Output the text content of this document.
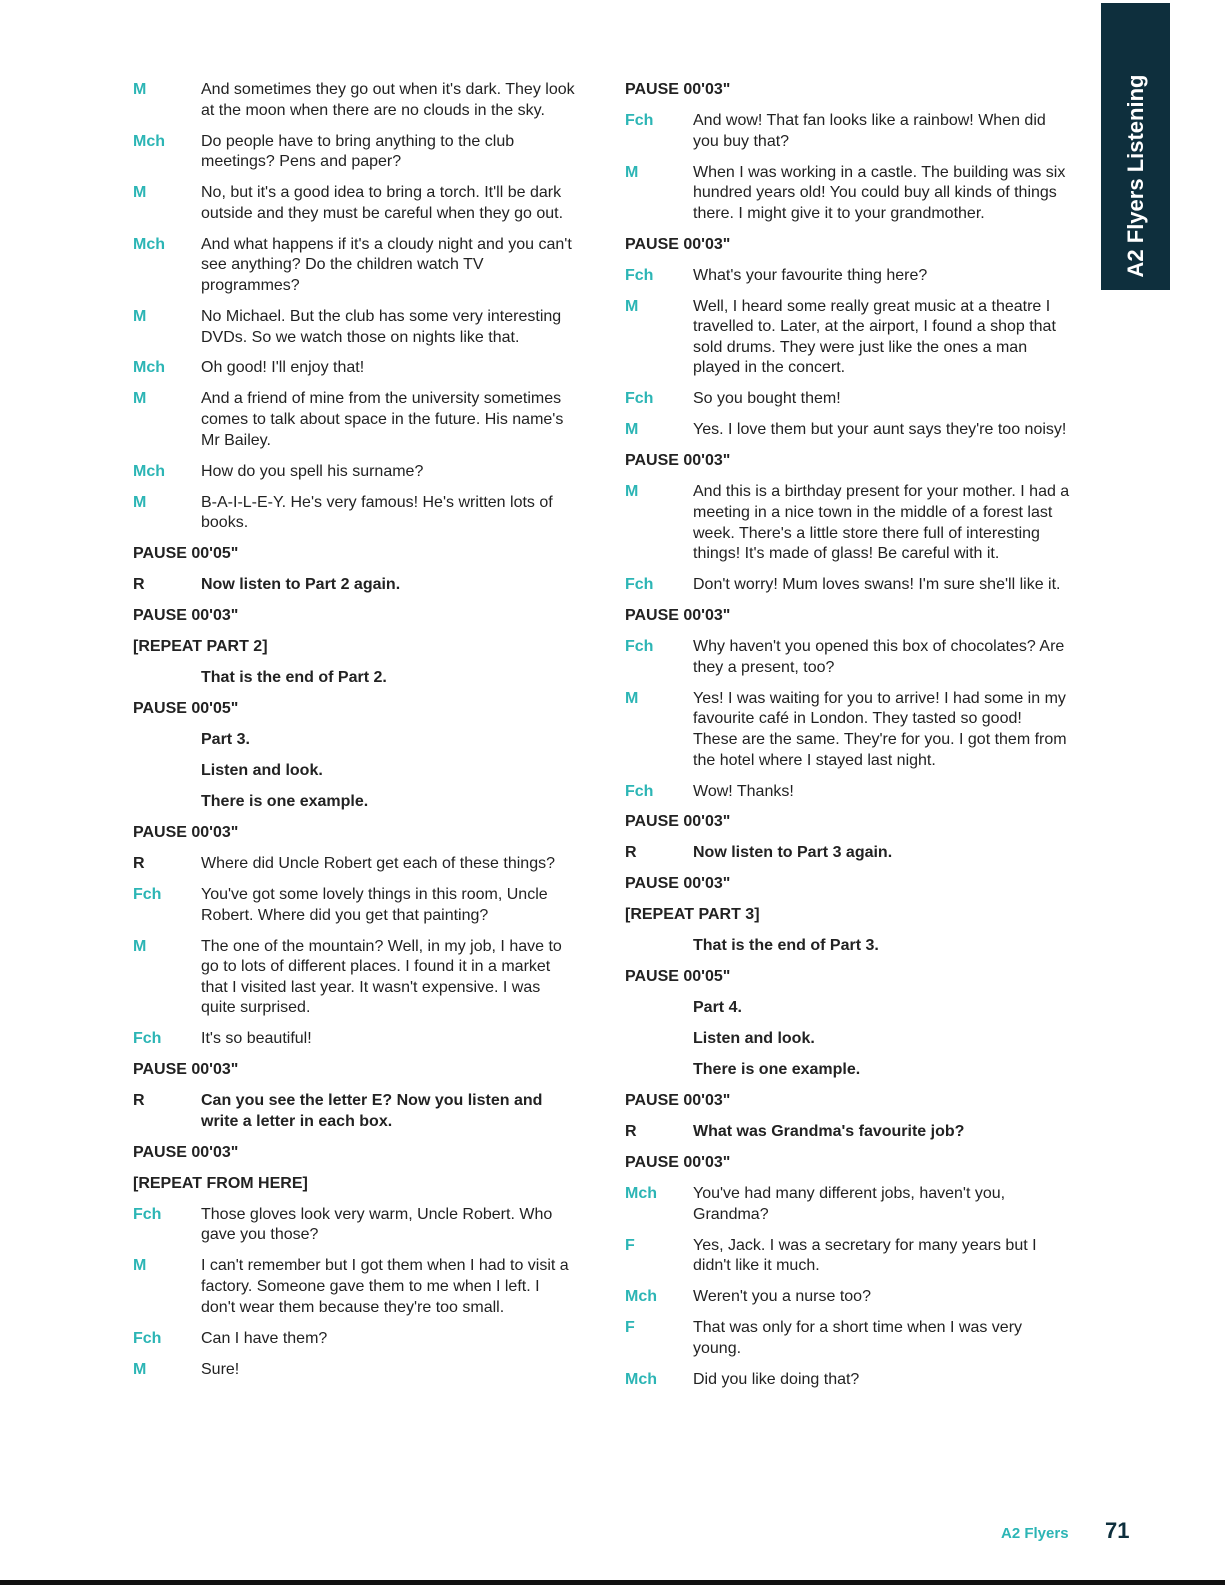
A2 Flyers Listening
M	And sometimes they go out when it's dark. They look at the moon when there are no clouds in the sky.
Mch	Do people have to bring anything to the club meetings? Pens and paper?
M	No, but it's a good idea to bring a torch. It'll be dark outside and they must be careful when they go out.
Mch	And what happens if it's a cloudy night and you can't see anything? Do the children watch TV programmes?
M	No Michael. But the club has some very interesting DVDs. So we watch those on nights like that.
Mch	Oh good! I'll enjoy that!
M	And a friend of mine from the university sometimes comes to talk about space in the future. His name's Mr Bailey.
Mch	How do you spell his surname?
M	B-A-I-L-E-Y. He's very famous! He's written lots of books.
PAUSE 00'05"
R	Now listen to Part 2 again.
PAUSE 00'03"
[REPEAT PART 2]
That is the end of Part 2.
PAUSE 00'05"
Part 3.
Listen and look.
There is one example.
PAUSE 00'03"
R	Where did Uncle Robert get each of these things?
Fch	You've got some lovely things in this room, Uncle Robert. Where did you get that painting?
M	The one of the mountain? Well, in my job, I have to go to lots of different places. I found it in a market that I visited last year. It wasn't expensive. I was quite surprised.
Fch	It's so beautiful!
PAUSE 00'03"
R	Can you see the letter E? Now you listen and write a letter in each box.
PAUSE 00'03"
[REPEAT FROM HERE]
Fch	Those gloves look very warm, Uncle Robert. Who gave you those?
M	I can't remember but I got them when I had to visit a factory. Someone gave them to me when I left. I don't wear them because they're too small.
Fch	Can I have them?
M	Sure!
PAUSE 00'03"
Fch	And wow! That fan looks like a rainbow! When did you buy that?
M	When I was working in a castle. The building was six hundred years old! You could buy all kinds of things there. I might give it to your grandmother.
PAUSE 00'03"
Fch	What's your favourite thing here?
M	Well, I heard some really great music at a theatre I travelled to. Later, at the airport, I found a shop that sold drums. They were just like the ones a man played in the concert.
Fch	So you bought them!
M	Yes. I love them but your aunt says they're too noisy!
PAUSE 00'03"
M	And this is a birthday present for your mother. I had a meeting in a nice town in the middle of a forest last week. There's a little store there full of interesting things! It's made of glass! Be careful with it.
Fch	Don't worry! Mum loves swans! I'm sure she'll like it.
PAUSE 00'03"
Fch	Why haven't you opened this box of chocolates? Are they a present, too?
M	Yes! I was waiting for you to arrive! I had some in my favourite café in London. They tasted so good! These are the same. They're for you. I got them from the hotel where I stayed last night.
Fch	Wow! Thanks!
PAUSE 00'03"
R	Now listen to Part 3 again.
PAUSE 00'03"
[REPEAT PART 3]
That is the end of Part 3.
PAUSE 00'05"
Part 4.
Listen and look.
There is one example.
PAUSE 00'03"
R	What was Grandma's favourite job?
PAUSE 00'03"
Mch	You've had many different jobs, haven't you, Grandma?
F	Yes, Jack. I was a secretary for many years but I didn't like it much.
Mch	Weren't you a nurse too?
F	That was only for a short time when I was very young.
Mch	Did you like doing that?
A2 Flyers 71
